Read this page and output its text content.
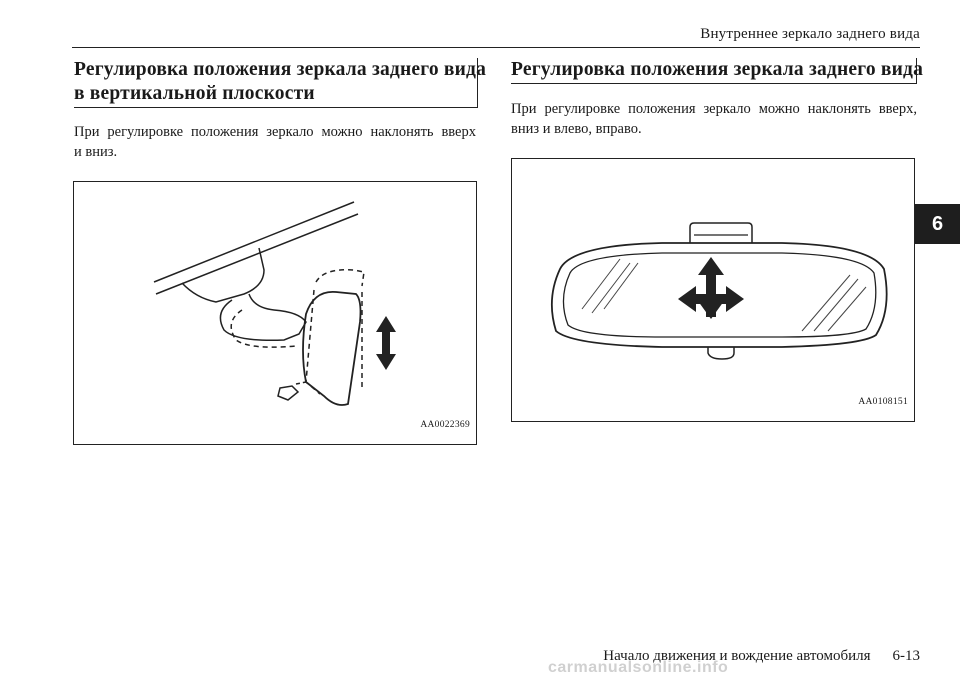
Внутреннее зеркало заднего вида
Регулировка положения зеркала заднего вида
в вертикальной плоскости
При регулировке положения зеркало можно наклонять вверх
и вниз.
AA0022369
Регулировка положения зеркала заднего вида
При регулировке положения зеркало можно наклонять вверх,
вниз и влево, вправо.
AA0108151
6
Начало движения и вождение автомобиля 6-13
carmanualsonline.info
